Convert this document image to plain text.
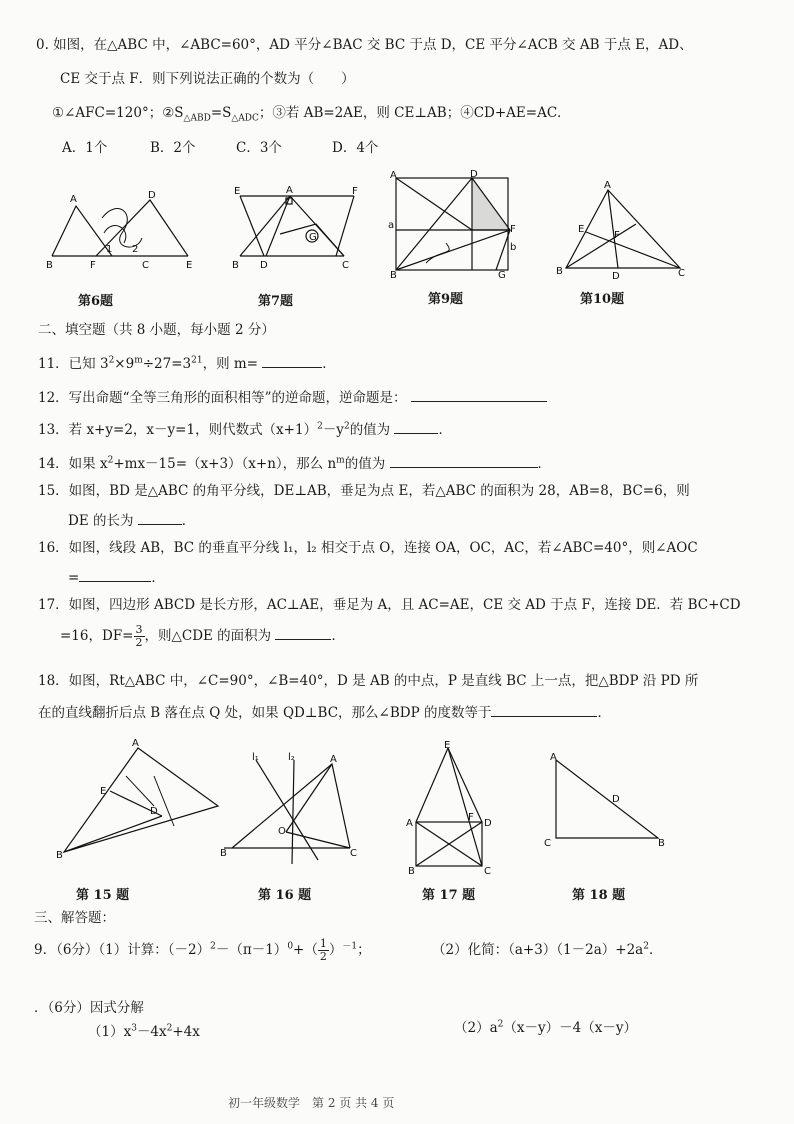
0. 如图，在△ABC 中，∠ABC=60°，AD 平分∠BAC 交 BC 于点 D，CE 平分∠ACB 交 AB 于点 E，AD、
CE 交于点 F．则下列说法正确的个数为（　　）
①∠AFC=120°；$②S_{\triangle ABD}=S_{\triangle ADC}$；③若 AB=2AE，则 CE⊥AB；④CD+AE=AC．
A．1个	B．2个	C．3个	D．4个
A	D
B	F	C	E
1 2
第6题
E	A	F
B D	C
G
第7题
A	D
F
B	G
a
b
第9题
A
E
F
B	D	C
第10题
二、填空题（共 8 小题，每小题 2 分）
11．已知 $3^2\times 9^m\div 27=3^{21}$，则 m=	．
12．写出命题“全等三角形的面积相等”的逆命题，逆命题是：
13．若 x+y=2，x－y=1，则代数式$(x+1)^2-y^2$的值为	．
14．如果 $x^2+mx-15=(x+3)(x+n)$，那么 $n^m$的值为	．
15．如图，BD 是△ABC 的角平分线，DE⊥AB，垂足为点 E，若△ABC 的面积为 28，AB=8，BC=6，则
DE 的长为	．
16．如图，线段 AB，BC 的垂直平分线 l₁，l₂ 相交于点 O，连接 OA，OC，AC，若∠ABC=40°，则∠AOC
=	．
17．如图，四边形 ABCD 是长方形，AC⊥AE，垂足为 A，且 AC=AE，CE 交 AD 于点 F，连接 DE．若 BC+CD
=16，$DF= \frac{3}{2}$ ，则△CDE 的面积为	．
18．如图，Rt△ABC 中，∠C=90°，∠B=40°，D 是 AB 的中点，P 是直线 BC 上一点，把△BDP 沿 PD 所
在的直线翻折后点 B 落在点 Q 处，如果 QD⊥BC，那么∠BDP 的度数等于	．
A
E
D
B
第 15 题
l₁	l₂	A
O
B	C
第 16 题
E
A
F
D
B	C
第 17 题
A
D
C	B
第 18 题
三、解答题：
9．（6分）（1）计算：$(-2)^2-(\pi-1)^0+( \frac{1}{2} )^{-1}$；	（2）化简：$(a+3)(1-2a)+2a^2$．
．（6分）因式分解
$(1)x^3-4x^2+4x$	$(2)a^2(x-y)-4(x-y)$
初一年级数学　第 2 页 共 4 页
